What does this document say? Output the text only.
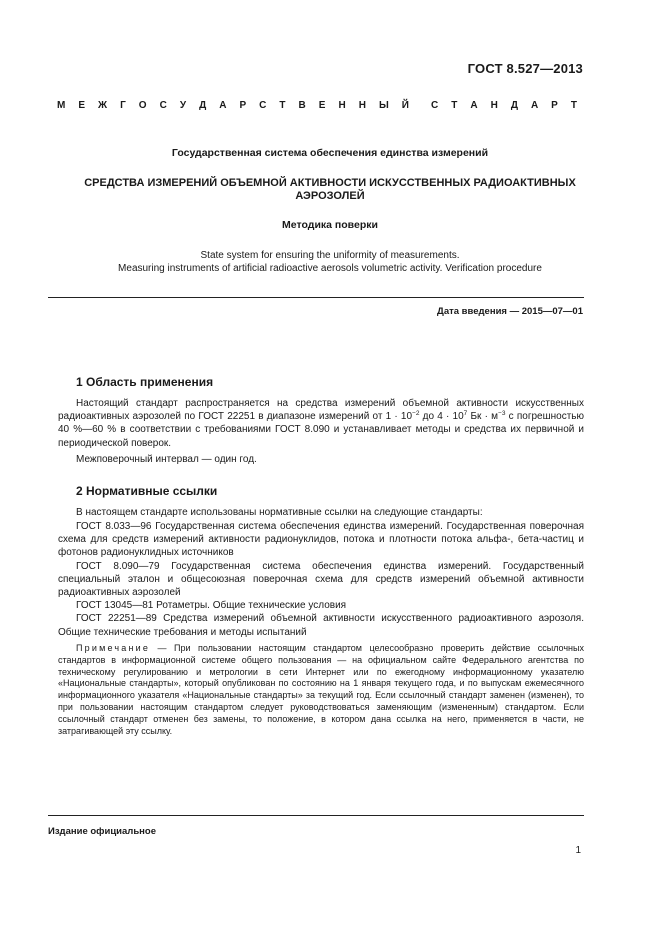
ГОСТ 8.527—2013
М Е Ж Г О С У Д А Р С Т В Е Н Н Ы Й С Т А Н Д А Р Т
Государственная система обеспечения единства измерений
СРЕДСТВА ИЗМЕРЕНИЙ ОБЪЕМНОЙ АКТИВНОСТИ ИСКУССТВЕННЫХ РАДИОАКТИВНЫХ
АЭРОЗОЛЕЙ
Методика поверки
State system for ensuring the uniformity of measurements.
Measuring instruments of artificial radioactive aerosols volumetric activity. Verification procedure
Дата введения — 2015—07—01
1 Область применения
Настоящий стандарт распространяется на средства измерений объемной активности искусственных радиоактивных аэрозолей по ГОСТ 22251 в диапазоне измерений от $1 \cdot 10^{-2}$ до $4 \cdot 10^7$ Бк · $м^{-3}$ с погрешностью 40 %—60 % в соответствии с требованиями ГОСТ 8.090 и устанавливает методы и средства их первичной и периодической поверок.
Межповерочный интервал — один год.
2 Нормативные ссылки
В настоящем стандарте использованы нормативные ссылки на следующие стандарты:
ГОСТ 8.033—96 Государственная система обеспечения единства измерений. Государственная поверочная схема для средств измерений активности радионуклидов, потока и плотности потока альфа-, бета-частиц и фотонов радионуклидных источников
ГОСТ 8.090—79 Государственная система обеспечения единства измерений. Государственный специальный эталон и общесоюзная поверочная схема для средств измерений объемной активности радиоактивных аэрозолей
ГОСТ 13045—81 Ротаметры. Общие технические условия
ГОСТ 22251—89 Средства измерений объемной активности искусственного радиоактивного аэрозоля. Общие технические требования и методы испытаний
Примечание — При пользовании настоящим стандартом целесообразно проверить действие ссылочных стандартов в информационной системе общего пользования — на официальном сайте Федерального агентства по техническому регулированию и метрологии в сети Интернет или по ежегодному информационному указателю «Национальные стандарты», который опубликован по состоянию на 1 января текущего года, и по выпускам ежемесячного информационного указателя «Национальные стандарты» за текущий год. Если ссылочный стандарт заменен (изменен), то при пользовании настоящим стандартом следует руководствоваться заменяющим (измененным) стандартом. Если ссылочный стандарт отменен без замены, то положение, в котором дана ссылка на него, применяется в части, не затрагивающей эту ссылку.
Издание официальное
1
